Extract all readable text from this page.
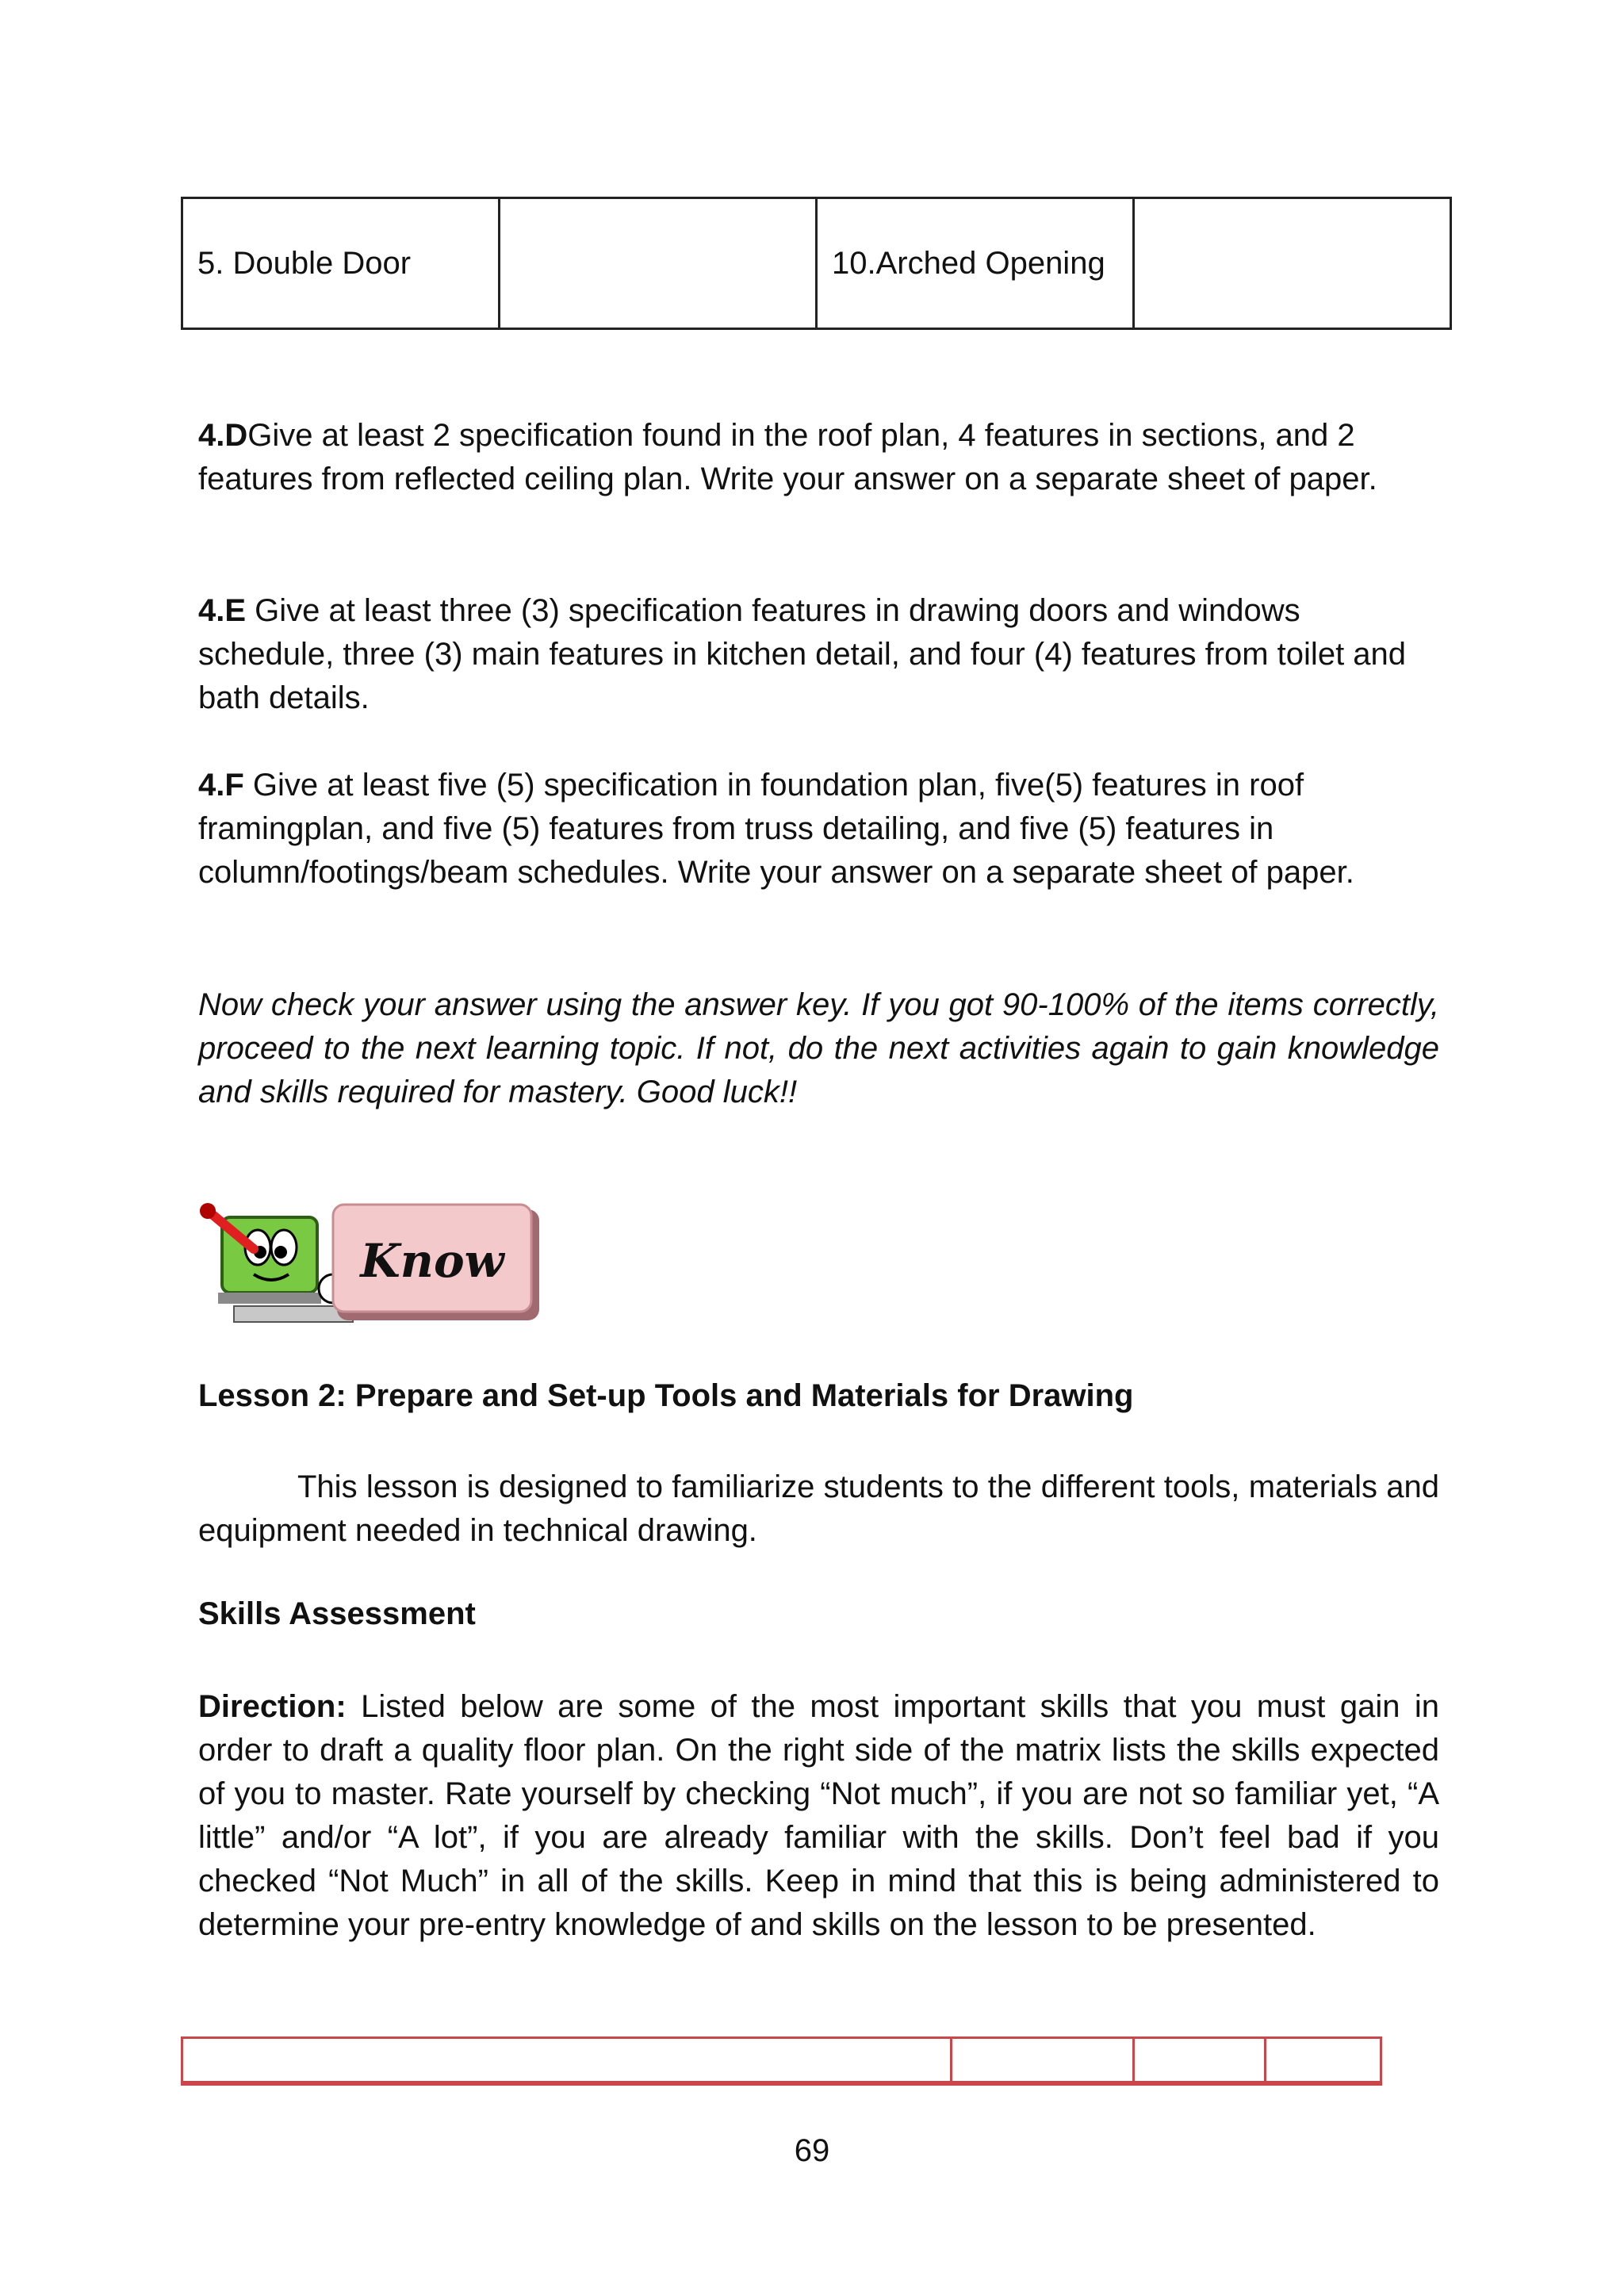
5. Double Door		10.Arched Opening	

4.DGive at least 2 specification found in the roof plan, 4 features in sections, and 2 features from reflected ceiling plan. Write your answer on a separate sheet of paper.

4.E Give at least three (3) specification features in drawing doors and windows schedule, three (3) main features in kitchen detail, and four (4) features from toilet and bath details.

4.F Give at least five (5) specification in foundation plan, five(5) features in roof framingplan, and five (5) features from truss detailing, and five (5) features in column/footings/beam schedules. Write your answer on a separate sheet of paper.

Now check your answer using the answer key. If you got 90-100% of the items correctly, proceed to the next learning topic. If not, do the next activities again to gain knowledge and skills required for mastery. Good luck!!

Know

Lesson 2: Prepare and Set-up Tools and Materials for Drawing

This lesson is designed to familiarize students to the different tools, materials and equipment needed in technical drawing.

Skills Assessment

Direction: Listed below are some of the most important skills that you must gain in order to draft a quality floor plan. On the right side of the matrix lists the skills expected of you to master. Rate yourself by checking “Not much”, if you are not so familiar yet, “A little” and/or “A lot”, if you are already familiar with the skills. Don’t feel bad if you checked “Not Much” in all of the skills. Keep in mind that this is being administered to determine your pre-entry knowledge of and skills on the lesson to be presented.

69
